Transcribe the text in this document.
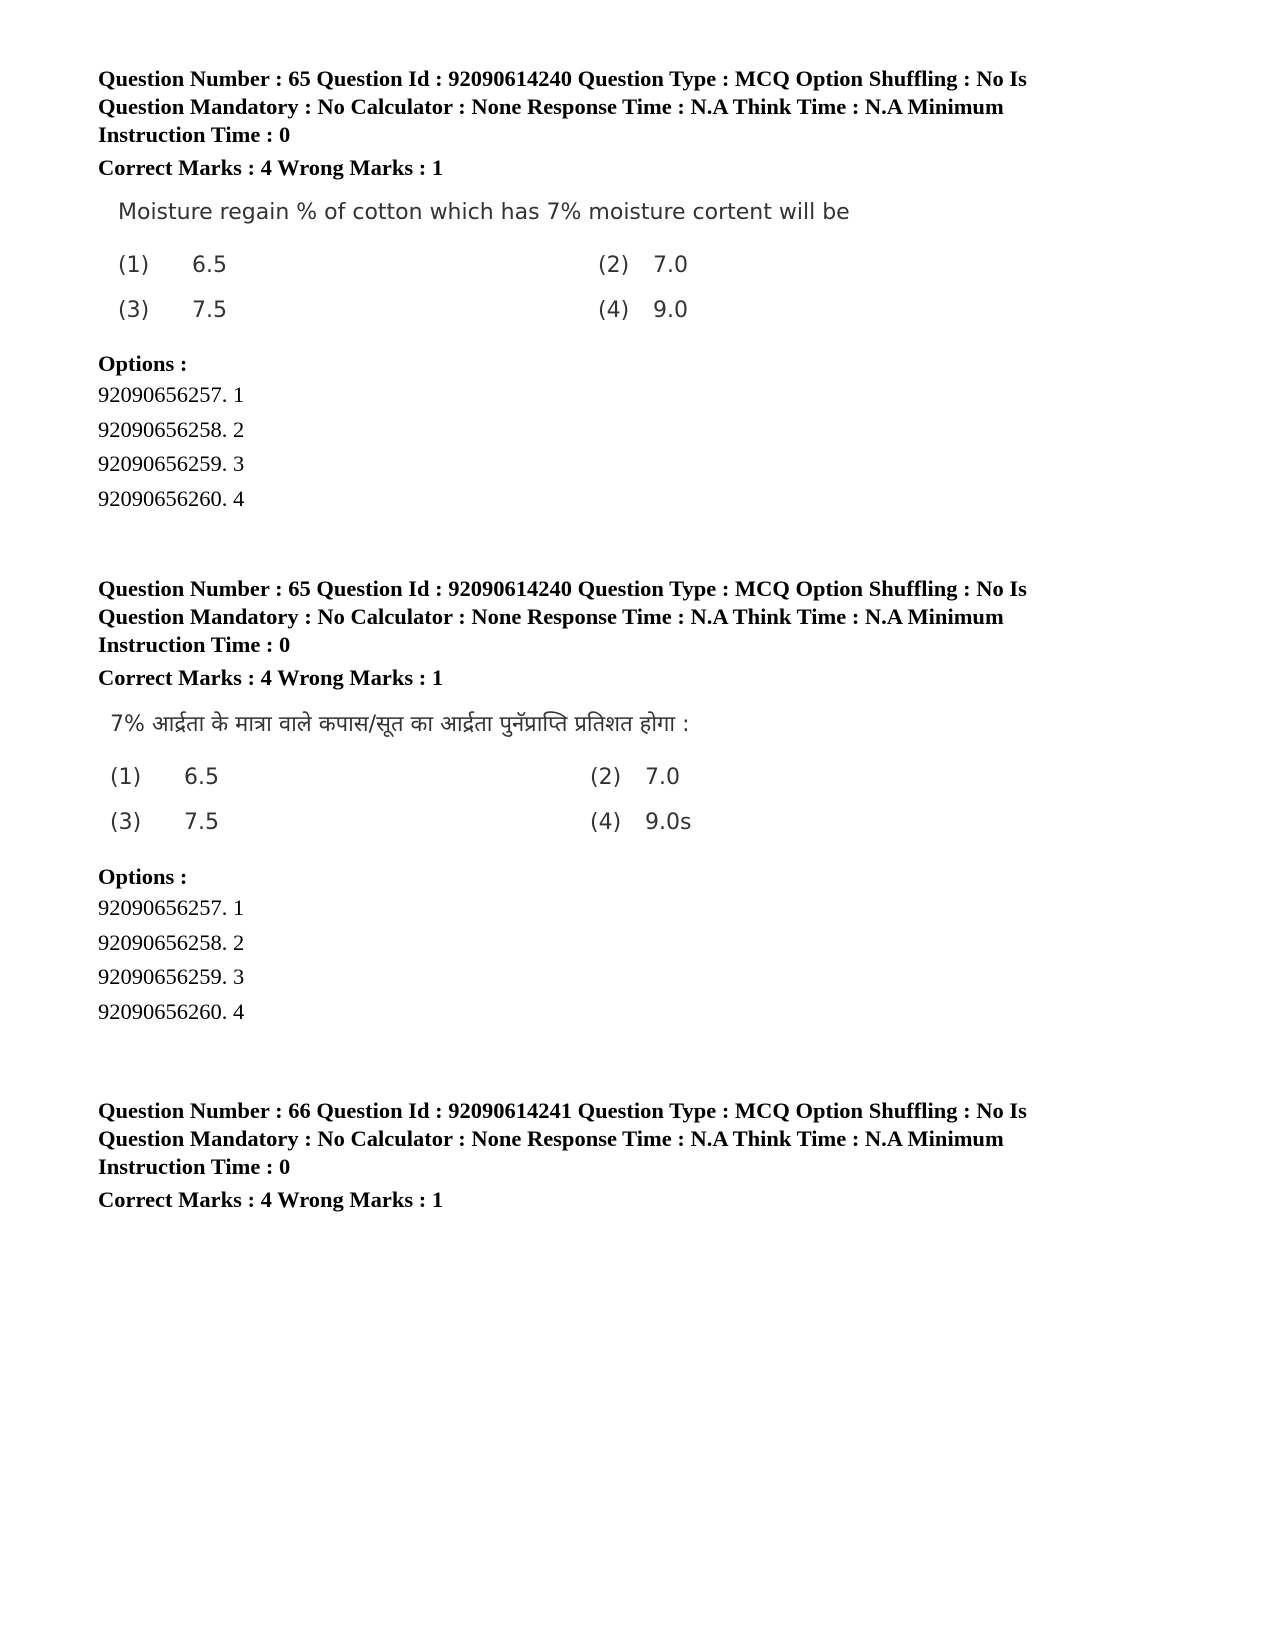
Question Number : 65 Question Id : 92090614240 Question Type : MCQ Option Shuffling : No Is
Question Mandatory : No Calculator : None Response Time : N.A Think Time : N.A Minimum
Instruction Time : 0
Correct Marks : 4 Wrong Marks : 1
Moisture regain % of cotton which has 7% moisture cortent will be
(1) 6.5	(2) 7.0
(3) 7.5	(4) 9.0
Options :
92090656257. 1
92090656258. 2
92090656259. 3
92090656260. 4
Question Number : 65 Question Id : 92090614240 Question Type : MCQ Option Shuffling : No Is
Question Mandatory : No Calculator : None Response Time : N.A Think Time : N.A Minimum
Instruction Time : 0
Correct Marks : 4 Wrong Marks : 1
7% आर्द्रता के मात्रा वाले कपास/सूत का आर्द्रता पुनॅप्राप्ति प्रतिशत होगा :
(1) 6.5	(2) 7.0
(3) 7.5	(4) 9.0s
Options :
92090656257. 1
92090656258. 2
92090656259. 3
92090656260. 4
Question Number : 66 Question Id : 92090614241 Question Type : MCQ Option Shuffling : No Is
Question Mandatory : No Calculator : None Response Time : N.A Think Time : N.A Minimum
Instruction Time : 0
Correct Marks : 4 Wrong Marks : 1
